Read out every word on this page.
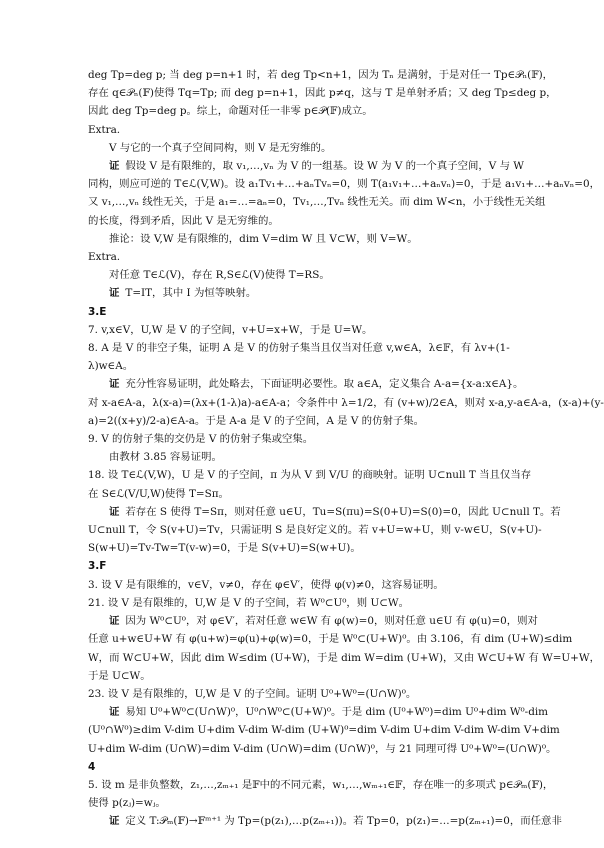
deg Tp=deg p; 当 deg p=n+1 时，若 deg Tp<n+1，因为 Tₙ 是满射，于是对任一 Tp∈𝒫ₙ(𝔽)，
存在 q∈𝒫ₙ(𝔽)使得 Tq=Tp; 而 deg p=n+1，因此 p≠q，这与 T 是单射矛盾；又 deg Tp≤deg p，
因此 deg Tp=deg p。综上，命题对任一非零 p∈𝒫(𝔽)成立。
Extra.
V 与它的一个真子空间同构，则 V 是无穷维的。
证 假设 V 是有限维的，取 v₁,…,vₙ 为 V 的一组基。设 W 为 V 的一个真子空间，V 与 W
同构，则应可逆的 T∈ℒ(V,W)。设 a₁Tv₁+…+aₙTvₙ=0，则 T(a₁v₁+…+aₙvₙ)=0，于是 a₁v₁+…+aₙvₙ=0，
又 v₁,…,vₙ 线性无关，于是 a₁=…=aₙ=0，Tv₁,…,Tvₙ 线性无关。而 dim W<n，小于线性无关组
的长度，得到矛盾，因此 V 是无穷维的。
推论：设 V,W 是有限维的，dim V=dim W 且 V⊂W，则 V=W。
Extra.
对任意 T∈ℒ(V)，存在 R,S∈ℒ(V)使得 T=RS。
证 T=IT，其中 I 为恒等映射。
3.E
7. v,x∈V，U,W 是 V 的子空间，v+U=x+W，于是 U=W。
8. A 是 V 的非空子集，证明 A 是 V 的仿射子集当且仅当对任意 v,w∈A，λ∈𝔽，有 λv+(1-
λ)w∈A。
证 充分性容易证明，此处略去，下面证明必要性。取 a∈A，定义集合 A-a={x-a:x∈A}。
对 x-a∈A-a，λ(x-a)=(λx+(1-λ)a)-a∈A-a；令条件中 λ=1/2，有 (v+w)/2∈A，则对 x-a,y-a∈A-a，(x-a)+(y-
a)=2((x+y)/2-a)∈A-a。于是 A-a 是 V 的子空间，A 是 V 的仿射子集。
9. V 的仿射子集的交仍是 V 的仿射子集或空集。
由教材 3.85 容易证明。
18. 设 T∈ℒ(V,W)，U 是 V 的子空间，π 为从 V 到 V/U 的商映射。证明 U⊂null T 当且仅当存
在 S∈ℒ(V/U,W)使得 T=Sπ。
证 若存在 S 使得 T=Sπ，则对任意 u∈U，Tu=S(πu)=S(0+U)=S(0)=0，因此 U⊂null T。若
U⊂null T，令 S(v+U)=Tv，只需证明 S 是良好定义的。若 v+U=w+U，则 v-w∈U，S(v+U)-
S(w+U)=Tv-Tw=T(v-w)=0，于是 S(v+U)=S(w+U)。
3.F
3. 设 V 是有限维的，v∈V，v≠0，存在 φ∈V′，使得 φ(v)≠0，这容易证明。
21. 设 V 是有限维的，U,W 是 V 的子空间，若 W⁰⊂U⁰，则 U⊂W。
证 因为 W⁰⊂U⁰，对 φ∈V′，若对任意 w∈W 有 φ(w)=0，则对任意 u∈U 有 φ(u)=0，则对
任意 u+w∈U+W 有 φ(u+w)=φ(u)+φ(w)=0，于是 W⁰⊂(U+W)⁰。由 3.106，有 dim (U+W)≤dim
W，而 W⊂U+W，因此 dim W≤dim (U+W)，于是 dim W=dim (U+W)，又由 W⊂U+W 有 W=U+W，
于是 U⊂W。
23. 设 V 是有限维的，U,W 是 V 的子空间。证明 U⁰+W⁰=(U∩W)⁰。
证 易知 U⁰+W⁰⊂(U∩W)⁰，U⁰∩W⁰⊂(U+W)⁰。于是 dim (U⁰+W⁰)=dim U⁰+dim W⁰-dim
(U⁰∩W⁰)≥dim V-dim U+dim V-dim W-dim (U+W)⁰=dim V-dim U+dim V-dim W-dim V+dim
U+dim W-dim (U∩W)=dim V-dim (U∩W)=dim (U∩W)⁰，与 21 同理可得 U⁰+W⁰=(U∩W)⁰。
4
5. 设 m 是非负整数，z₁,…,zₘ₊₁ 是𝔽中的不同元素，w₁,…,wₘ₊₁∈𝔽，存在唯一的多项式 p∈𝒫ₘ(𝔽)，
使得 p(zⱼ)=wⱼ。
证 定义 T:𝒫ₘ(𝔽)→𝔽ᵐ⁺¹ 为 Tp=(p(z₁),…p(zₘ₊₁))。若 Tp=0，p(z₁)=…=p(zₘ₊₁)=0，而任意非
